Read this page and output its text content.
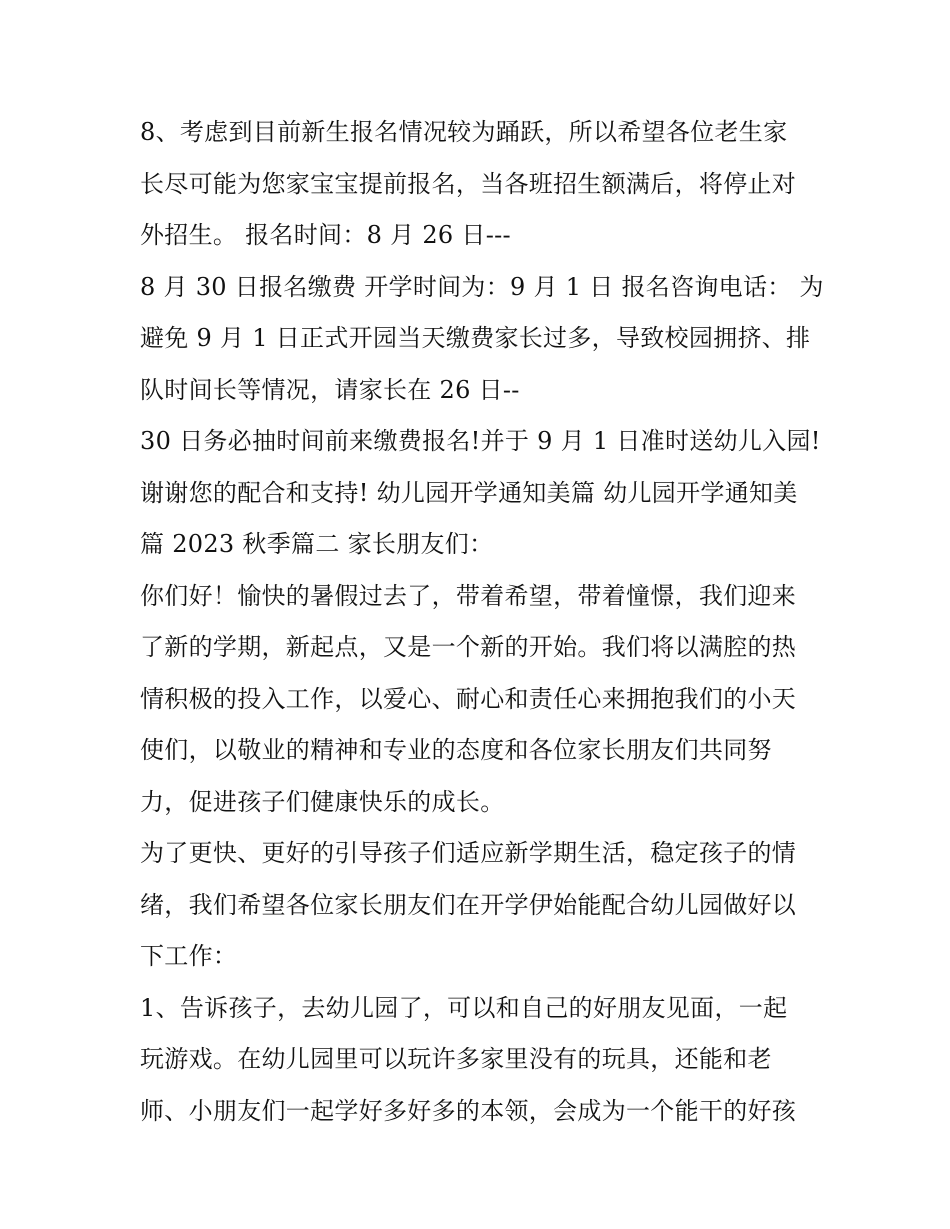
8、考虑到目前新生报名情况较为踊跃，所以希望各位老生家
长尽可能为您家宝宝提前报名，当各班招生额满后，将停止对
外招生。 报名时间：8 月 26 日---
8 月 30 日报名缴费 开学时间为：9 月 1 日 报名咨询电话： 为
避免 9 月 1 日正式开园当天缴费家长过多，导致校园拥挤、排
队时间长等情况，请家长在 26 日--
30 日务必抽时间前来缴费报名!并于 9 月 1 日准时送幼儿入园!
谢谢您的配合和支持! 幼儿园开学通知美篇 幼儿园开学通知美
篇 2023 秋季篇二 家长朋友们：
你们好！愉快的暑假过去了，带着希望，带着憧憬，我们迎来
了新的学期，新起点，又是一个新的开始。我们将以满腔的热
情积极的投入工作，以爱心、耐心和责任心来拥抱我们的小天
使们，以敬业的精神和专业的态度和各位家长朋友们共同努
力，促进孩子们健康快乐的成长。
为了更快、更好的引导孩子们适应新学期生活，稳定孩子的情
绪，我们希望各位家长朋友们在开学伊始能配合幼儿园做好以
下工作：
1、告诉孩子，去幼儿园了，可以和自己的好朋友见面，一起
玩游戏。在幼儿园里可以玩许多家里没有的玩具，还能和老
师、小朋友们一起学好多好多的本领，会成为一个能干的好孩
